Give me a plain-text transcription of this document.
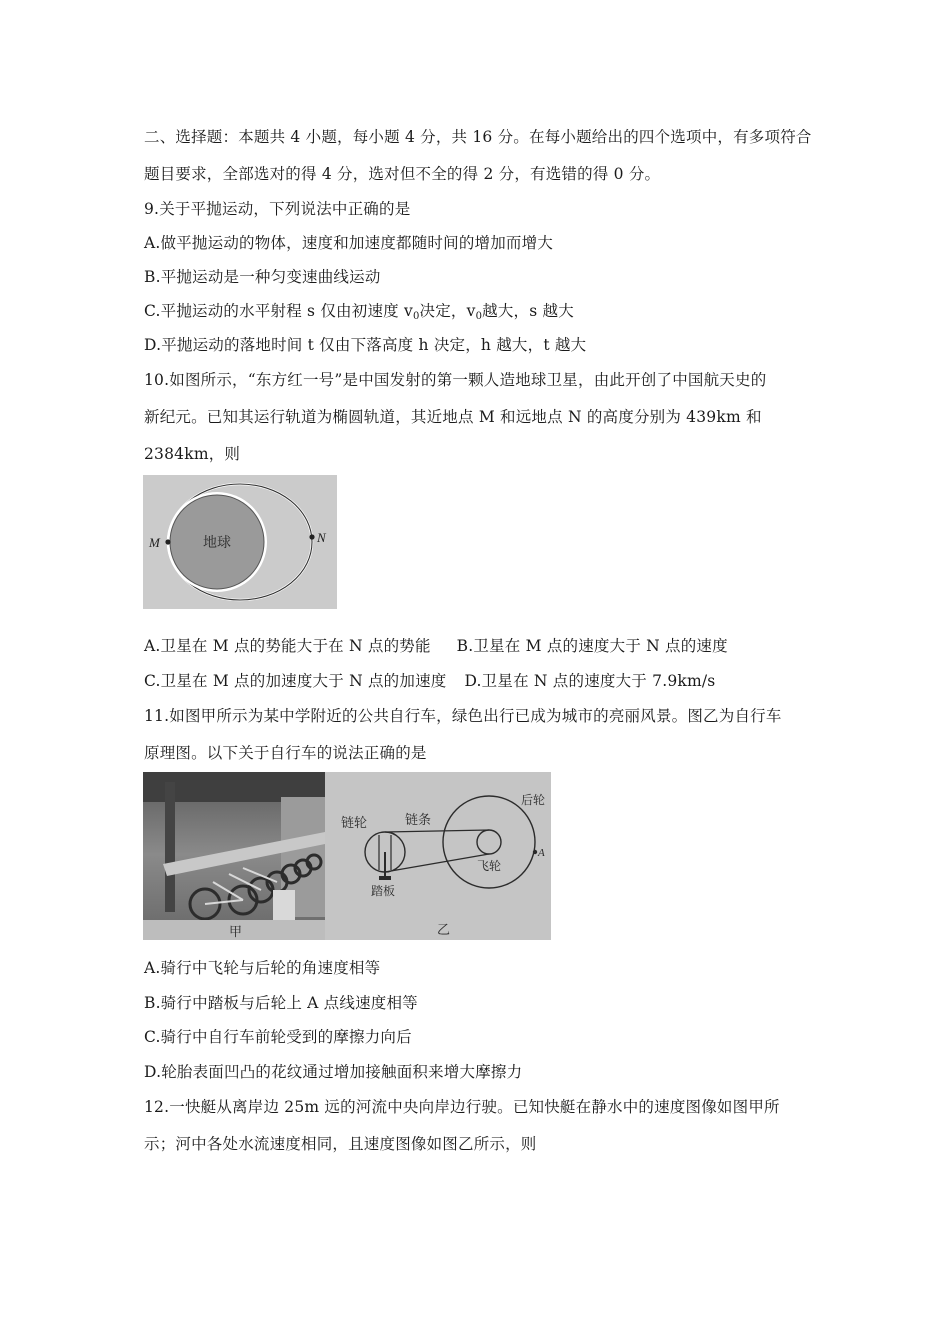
二、选择题：本题共 4 小题，每小题 4 分，共 16 分。在每小题给出的四个选项中，有多项符合
题目要求，全部选对的得 4 分，选对但不全的得 2 分，有选错的得 0 分。
9.关于平抛运动，下列说法中正确的是
A.做平抛运动的物体，速度和加速度都随时间的增加而增大
B.平抛运动是一种匀变速曲线运动
C.平抛运动的水平射程 s 仅由初速度 $v_0$决定，$v_0$越大，s 越大
D.平抛运动的落地时间 t 仅由下落高度 h 决定，h 越大，t 越大
10.如图所示，“东方红一号”是中国发射的第一颗人造地球卫星，由此开创了中国航天史的
新纪元。已知其运行轨道为椭圆轨道，其近地点 M 和远地点 N 的高度分别为 439km 和
2384km，则
地球
M	N
A.卫星在 M 点的势能大于在 N 点的势能 B.卫星在 M 点的速度大于 N 点的速度
C.卫星在 M 点的加速度大于 N 点的加速度 D.卫星在 N 点的速度大于 7.9km/s
11.如图甲所示为某中学附近的公共自行车，绿色出行已成为城市的亮丽风景。图乙为自行车
原理图。以下关于自行车的说法正确的是
链轮	链条
后轮
飞轮
踏板
A
甲	乙
A.骑行中飞轮与后轮的角速度相等
B.骑行中踏板与后轮上 A 点线速度相等
C.骑行中自行车前轮受到的摩擦力向后
D.轮胎表面凹凸的花纹通过增加接触面积来增大摩擦力
12.一快艇从离岸边 25m 远的河流中央向岸边行驶。已知快艇在静水中的速度图像如图甲所
示；河中各处水流速度相同，且速度图像如图乙所示，则
